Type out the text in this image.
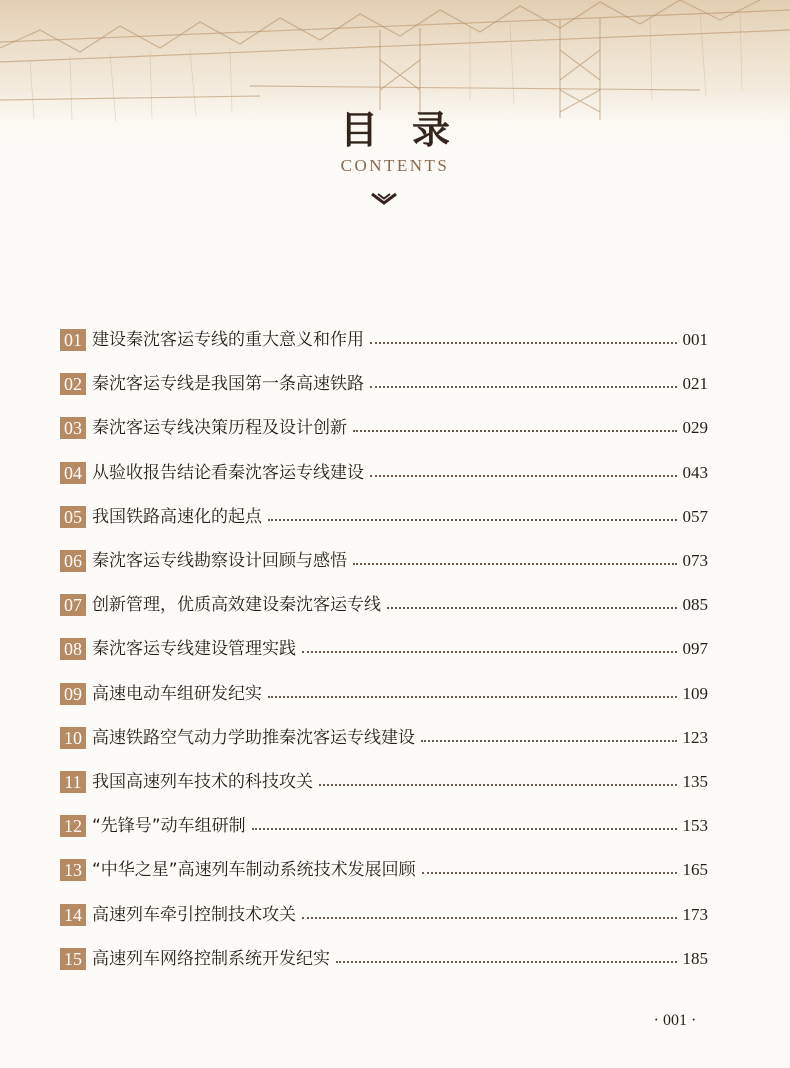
目录
CONTENTS
01 建设秦沈客运专线的重大意义和作用	001
02 秦沈客运专线是我国第一条高速铁路	021
03 秦沈客运专线决策历程及设计创新	029
04 从验收报告结论看秦沈客运专线建设	043
05 我国铁路高速化的起点	057
06 秦沈客运专线勘察设计回顾与感悟	073
07 创新管理，优质高效建设秦沈客运专线	085
08 秦沈客运专线建设管理实践	097
09 高速电动车组研发纪实	109
10 高速铁路空气动力学助推秦沈客运专线建设	123
11 我国高速列车技术的科技攻关	135
12 “先锋号”动车组研制	153
13 “中华之星”高速列车制动系统技术发展回顾	165
14 高速列车牵引控制技术攻关	173
15 高速列车网络控制系统开发纪实	185
· 001 ·
